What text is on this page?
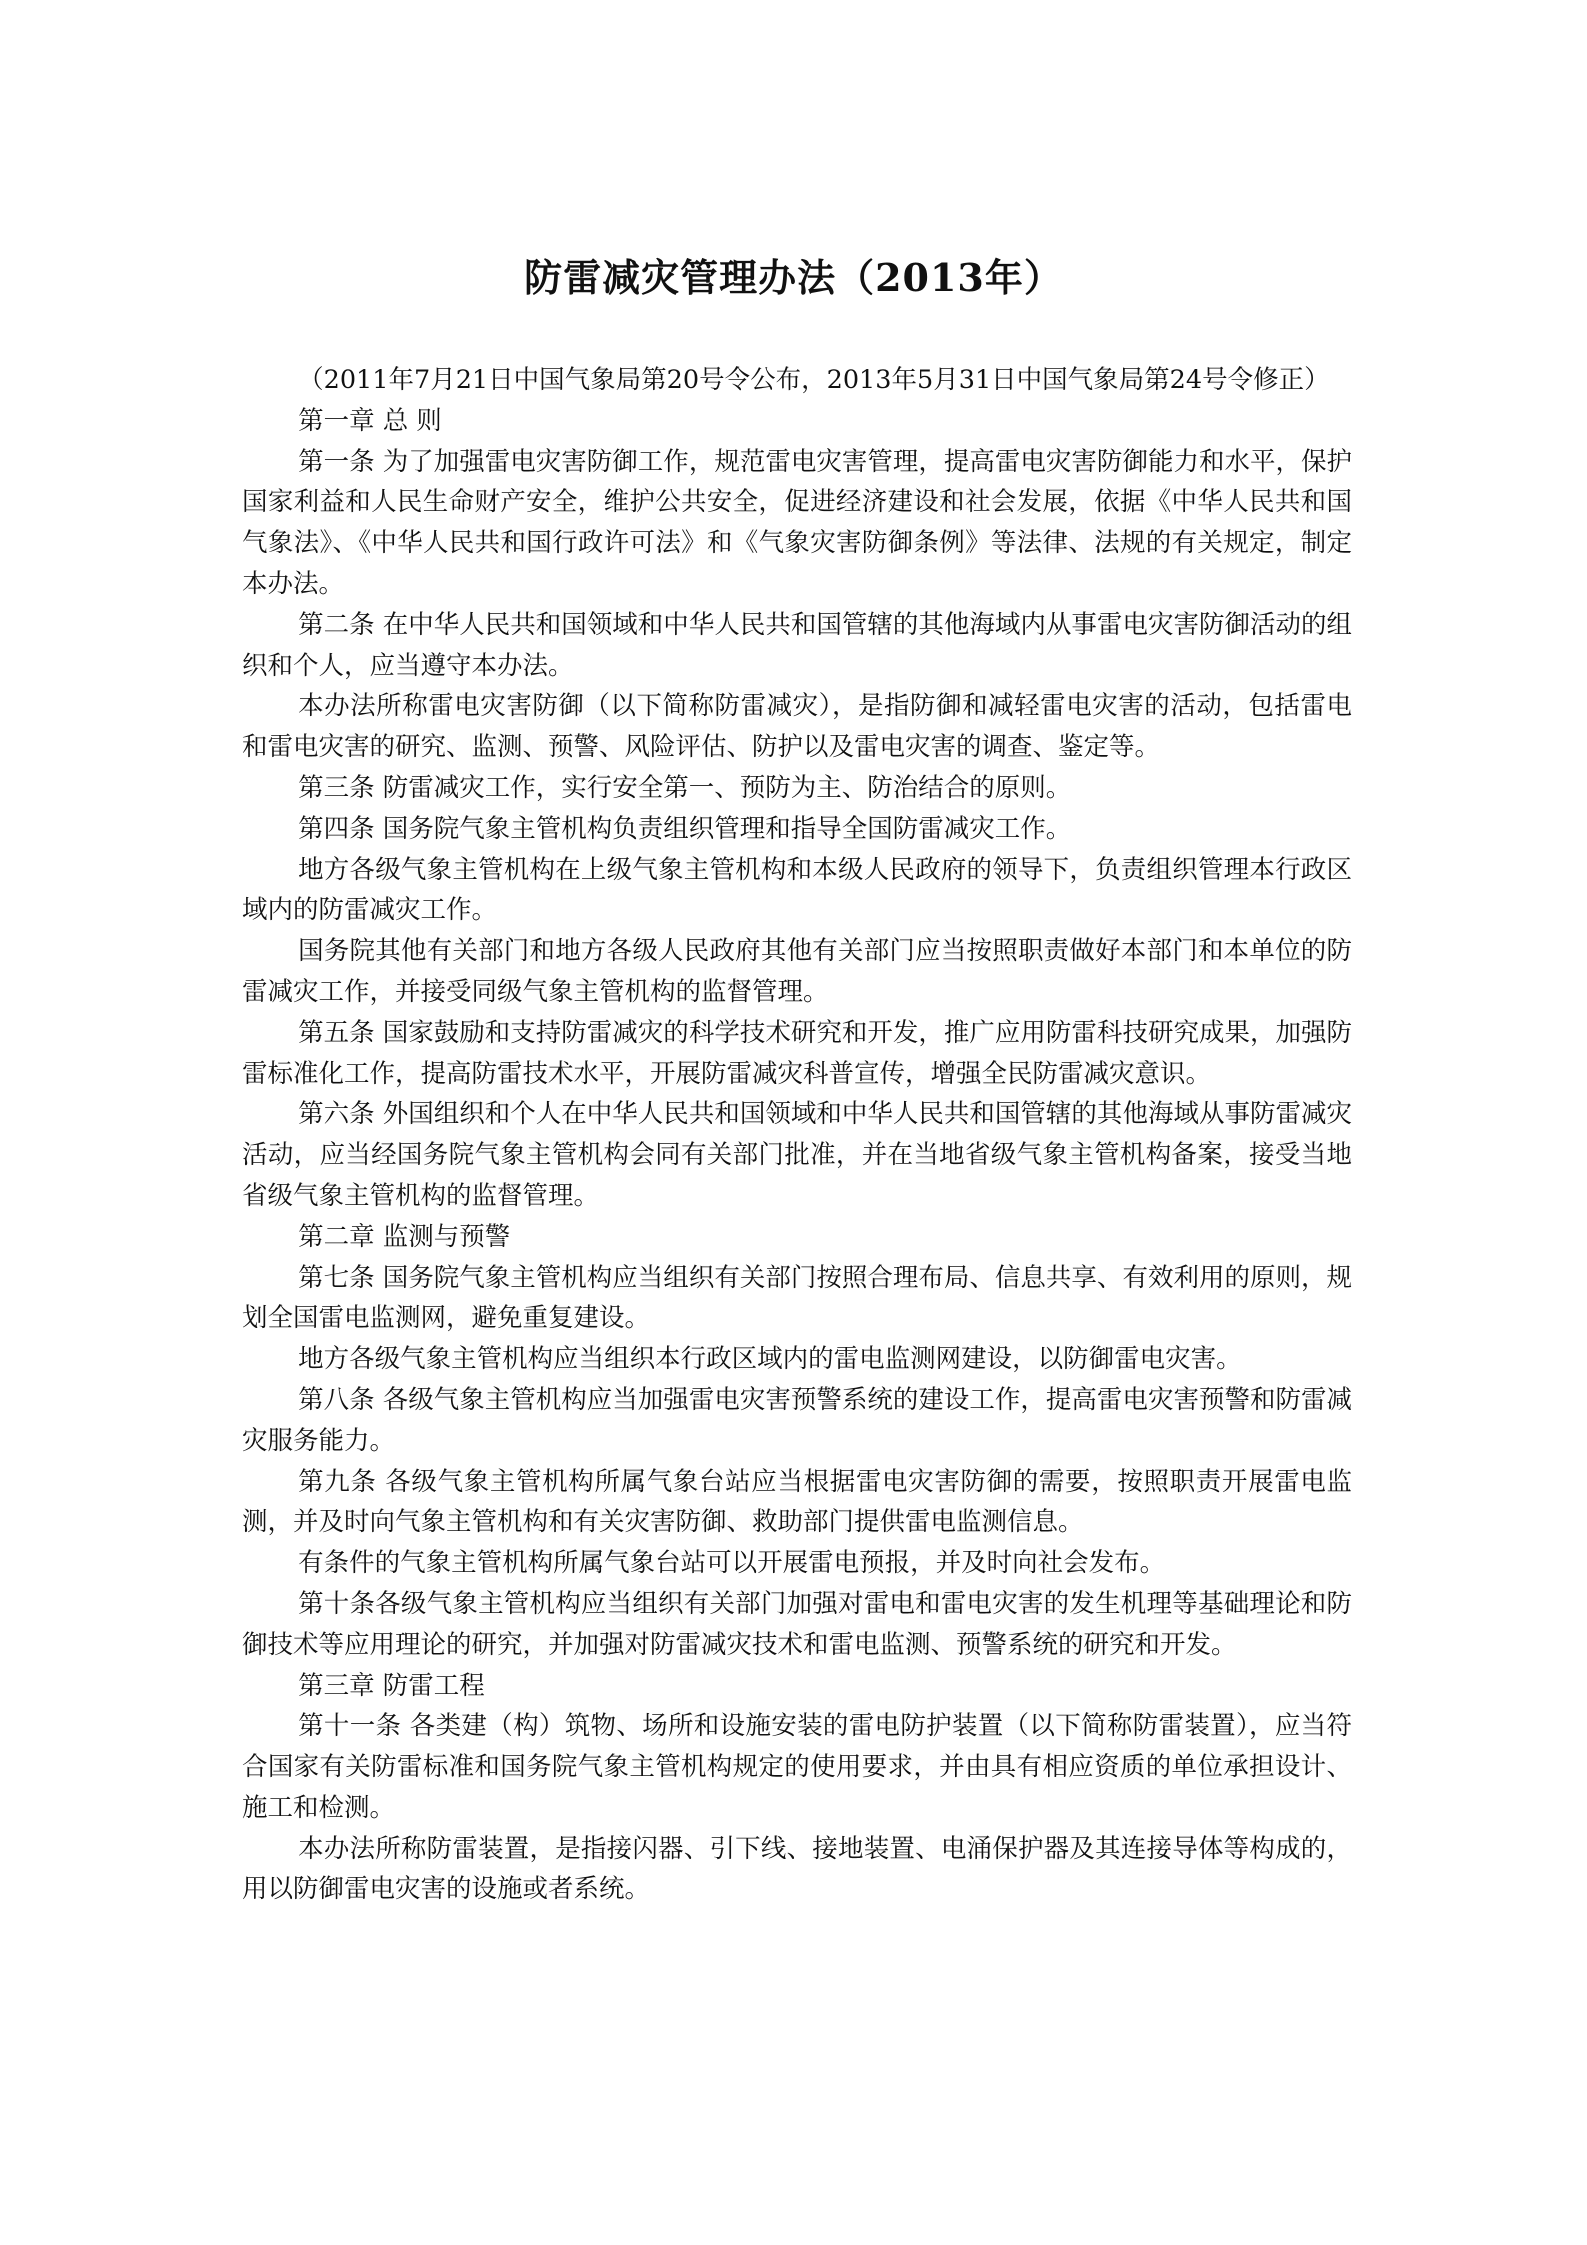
防雷减灾管理办法（2013年）

（2011年7月21日中国气象局第20号令公布，2013年5月31日中国气象局第24号令修正）

第一章 总 则

第一条 为了加强雷电灾害防御工作，规范雷电灾害管理，提高雷电灾害防御能力和水平，保护国家利益和人民生命财产安全，维护公共安全，促进经济建设和社会发展，依据《中华人民共和国气象法》、《中华人民共和国行政许可法》和《气象灾害防御条例》等法律、法规的有关规定，制定本办法。

第二条 在中华人民共和国领域和中华人民共和国管辖的其他海域内从事雷电灾害防御活动的组织和个人，应当遵守本办法。

本办法所称雷电灾害防御（以下简称防雷减灾），是指防御和减轻雷电灾害的活动，包括雷电和雷电灾害的研究、监测、预警、风险评估、防护以及雷电灾害的调查、鉴定等。

第三条 防雷减灾工作，实行安全第一、预防为主、防治结合的原则。

第四条 国务院气象主管机构负责组织管理和指导全国防雷减灾工作。

地方各级气象主管机构在上级气象主管机构和本级人民政府的领导下，负责组织管理本行政区域内的防雷减灾工作。

国务院其他有关部门和地方各级人民政府其他有关部门应当按照职责做好本部门和本单位的防雷减灾工作，并接受同级气象主管机构的监督管理。

第五条 国家鼓励和支持防雷减灾的科学技术研究和开发，推广应用防雷科技研究成果，加强防雷标准化工作，提高防雷技术水平，开展防雷减灾科普宣传，增强全民防雷减灾意识。

第六条 外国组织和个人在中华人民共和国领域和中华人民共和国管辖的其他海域从事防雷减灾活动，应当经国务院气象主管机构会同有关部门批准，并在当地省级气象主管机构备案，接受当地省级气象主管机构的监督管理。

第二章 监测与预警

第七条 国务院气象主管机构应当组织有关部门按照合理布局、信息共享、有效利用的原则，规划全国雷电监测网，避免重复建设。

地方各级气象主管机构应当组织本行政区域内的雷电监测网建设，以防御雷电灾害。

第八条 各级气象主管机构应当加强雷电灾害预警系统的建设工作，提高雷电灾害预警和防雷减灾服务能力。

第九条 各级气象主管机构所属气象台站应当根据雷电灾害防御的需要，按照职责开展雷电监测，并及时向气象主管机构和有关灾害防御、救助部门提供雷电监测信息。

有条件的气象主管机构所属气象台站可以开展雷电预报，并及时向社会发布。

第十条各级气象主管机构应当组织有关部门加强对雷电和雷电灾害的发生机理等基础理论和防御技术等应用理论的研究，并加强对防雷减灾技术和雷电监测、预警系统的研究和开发。

第三章 防雷工程

第十一条 各类建（构）筑物、场所和设施安装的雷电防护装置（以下简称防雷装置），应当符合国家有关防雷标准和国务院气象主管机构规定的使用要求，并由具有相应资质的单位承担设计、施工和检测。

本办法所称防雷装置，是指接闪器、引下线、接地装置、电涌保护器及其连接导体等构成的，用以防御雷电灾害的设施或者系统。
